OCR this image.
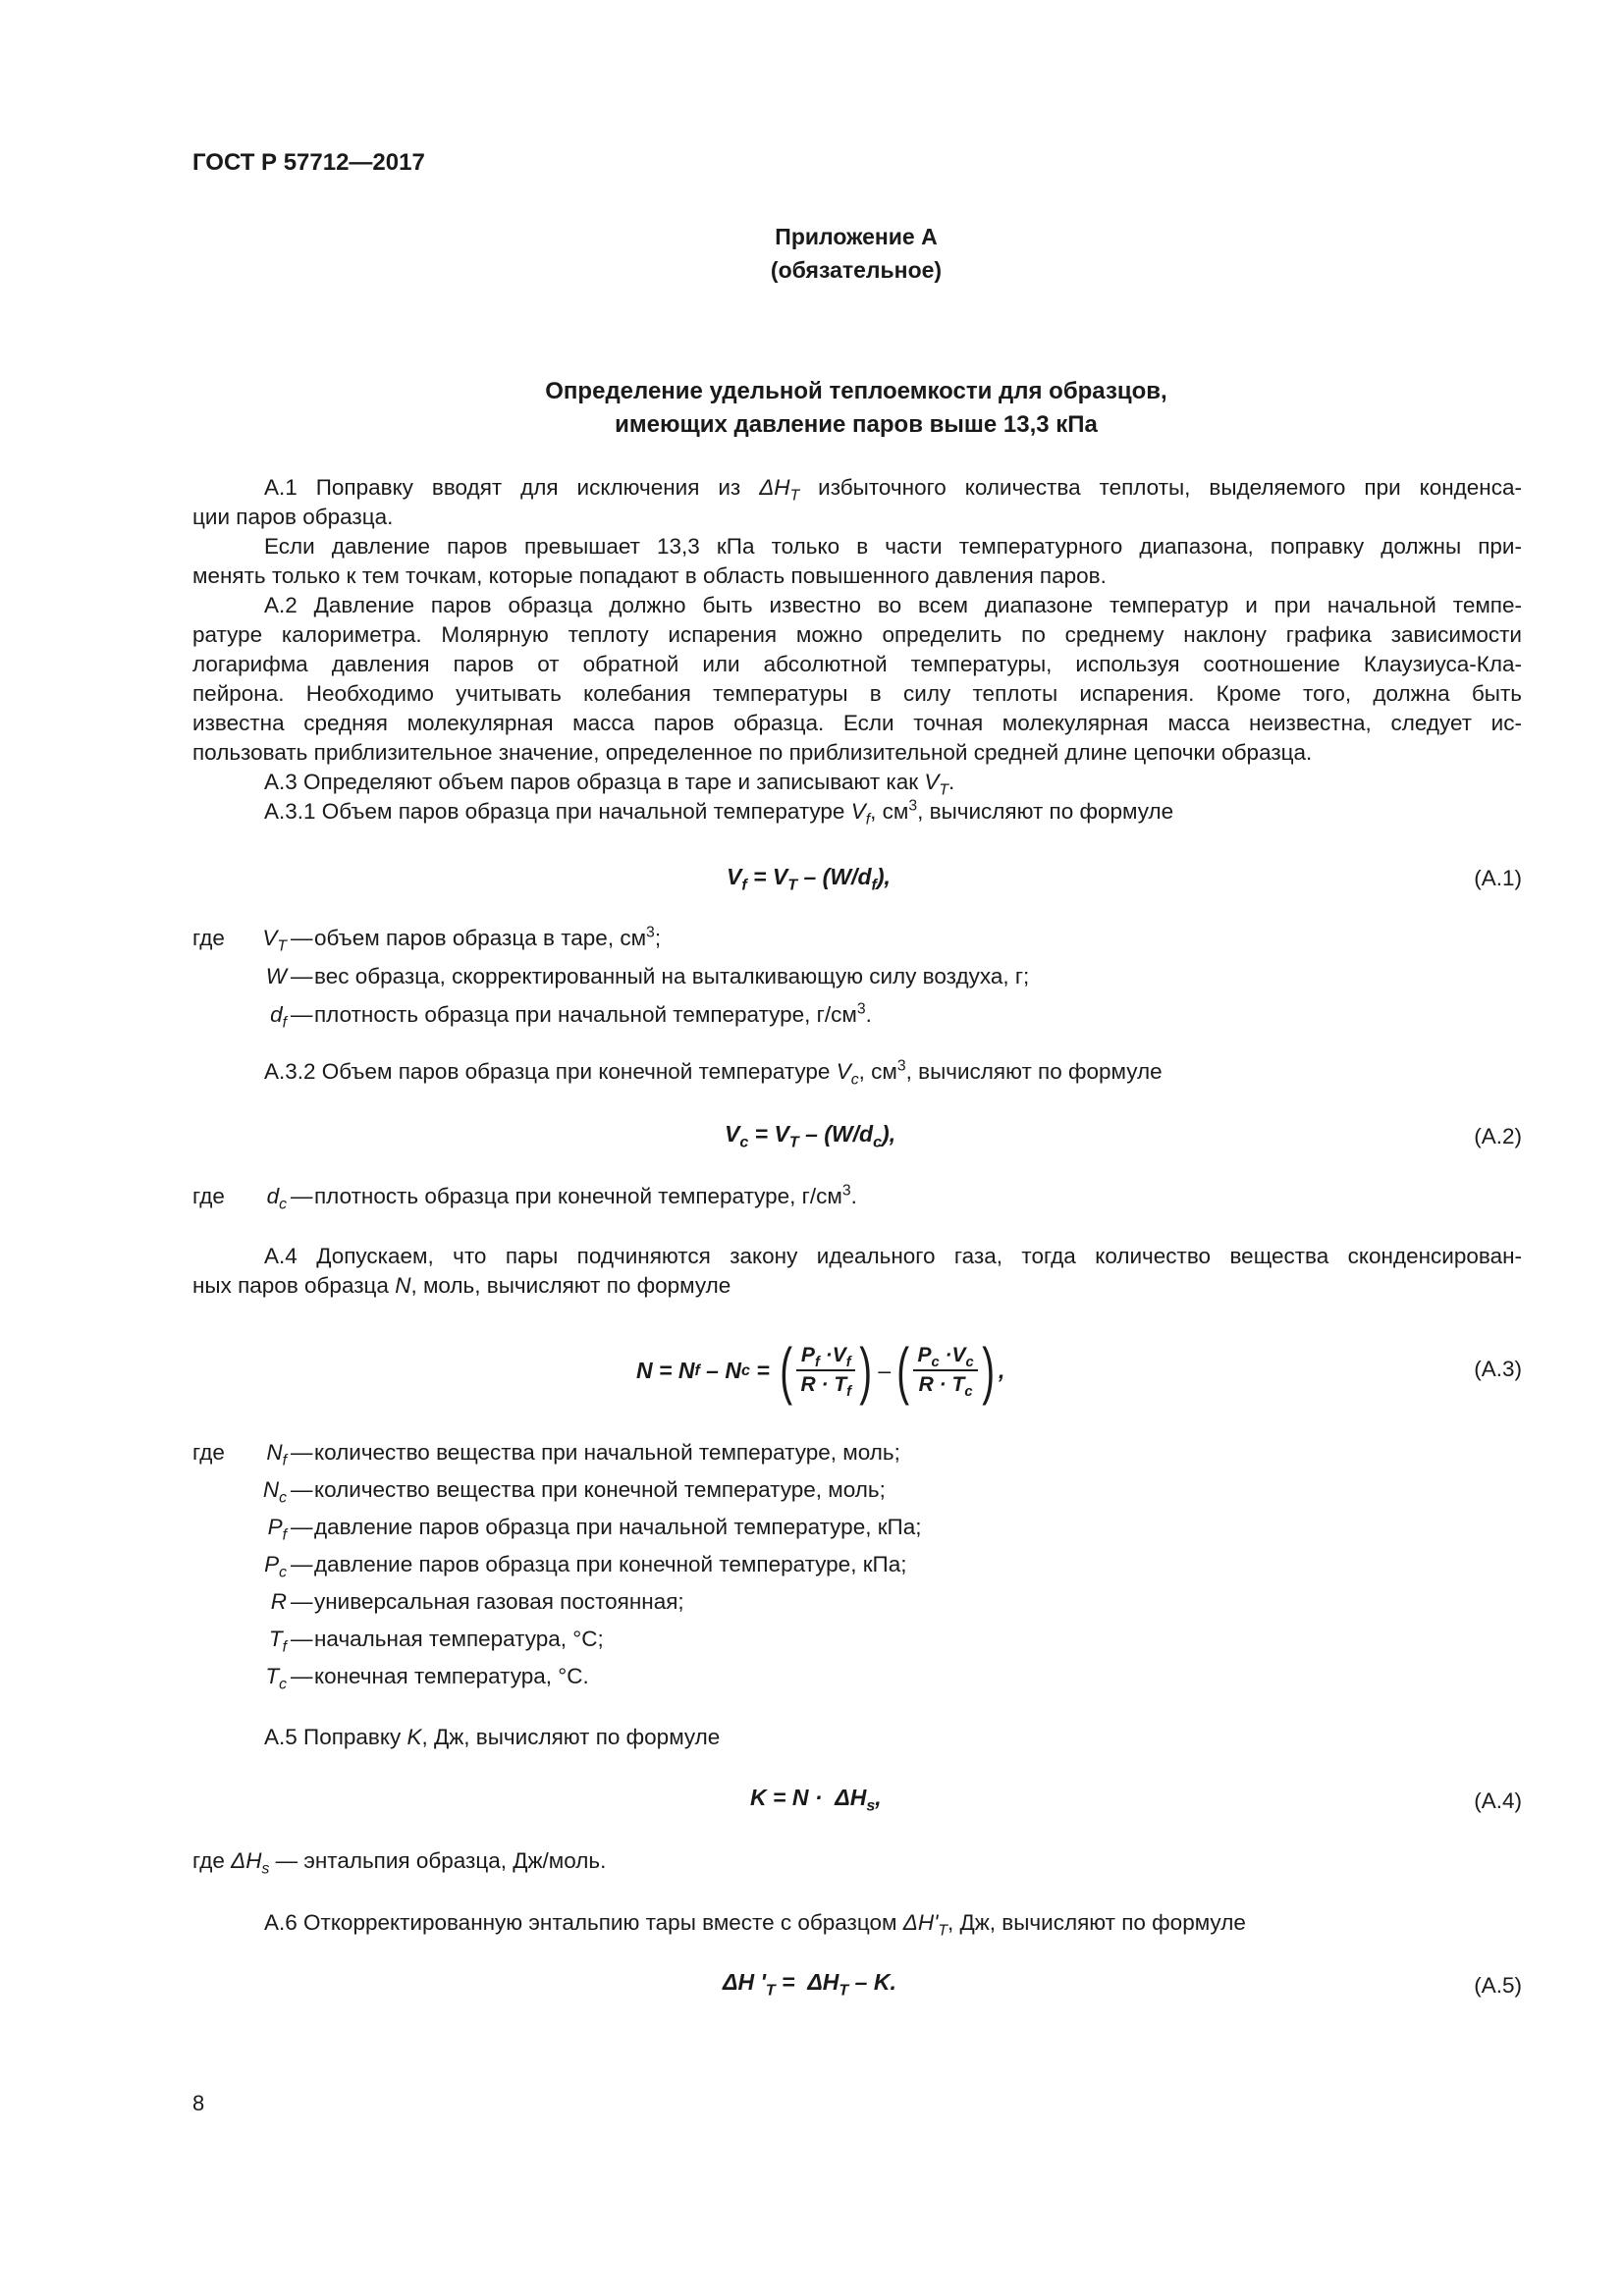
ГОСТ Р 57712—2017
Приложение А
(обязательное)
Определение удельной теплоемкости для образцов,
имеющих давление паров выше 13,3 кПа
А.1 Поправку вводят для исключения из $\Delta H_T$ избыточного количества теплоты, выделяемого при конденса-
ции паров образца.
Если давление паров превышает 13,3 кПа только в части температурного диапазона, поправку должны при-
менять только к тем точкам, которые попадают в область повышенного давления паров.
А.2 Давление паров образца должно быть известно во всем диапазоне температур и при начальной темпе-
ратуре калориметра. Молярную теплоту испарения можно определить по среднему наклону графика зависимости
логарифма давления паров от обратной или абсолютной температуры, используя соотношение Клаузиуса-Кла-
пейрона. Необходимо учитывать колебания температуры в силу теплоты испарения. Кроме того, должна быть
известна средняя молекулярная масса паров образца. Если точная молекулярная масса неизвестна, следует ис-
пользовать приблизительное значение, определенное по приблизительной средней длине цепочки образца.
А.3 Определяют объем паров образца в таре и записывают как $V_T$.
А.3.1 Объем паров образца при начальной температуре $V_f$, $см^3$, вычисляют по формуле
$V_f = V_T - (W/d_f)$,	(А.1)
где $V_T$ — объем паров образца в таре, $см^3$;
W — вес образца, скорректированный на выталкивающую силу воздуха, г;
$d_f$ — плотность образца при начальной температуре, $г/см^3$.
А.3.2 Объем паров образца при конечной температуре $V_c$, $см^3$, вычисляют по формуле
$V_c = V_T - (W/d_c)$,	(А.2)
где $d_c$ — плотность образца при конечной температуре, $г/см^3$.
А.4 Допускаем, что пары подчиняются закону идеального газа, тогда количество вещества сконденсирован-
ных паров образца N, моль, вычисляют по формуле
N = N f – N c = ( $\frac{P_f \cdot V_f}{R \cdot T_f}$ ) – ( $\frac{P_c \cdot V_c}{R \cdot T_c}$ ) ,	(А.3)
где $N_f$ — количество вещества при начальной температуре, моль;
$N_c$ — количество вещества при конечной температуре, моль;
$P_f$ — давление паров образца при начальной температуре, кПа;
$P_c$ — давление паров образца при конечной температуре, кПа;
R — универсальная газовая постоянная;
$T_f$ — начальная температура, °C;
$T_c$ — конечная температура, °C.
А.5 Поправку K, Дж, вычисляют по формуле
$K = N \cdot \Delta H_s$,	(А.4)
где $\Delta H_s$ — энтальпия образца, Дж/моль.
А.6 Откорректированную энтальпию тары вместе с образцом $\Delta H'_T$, Дж, вычисляют по формуле
ΔH '$_T = \Delta H_T - K$.	(А.5)
8
